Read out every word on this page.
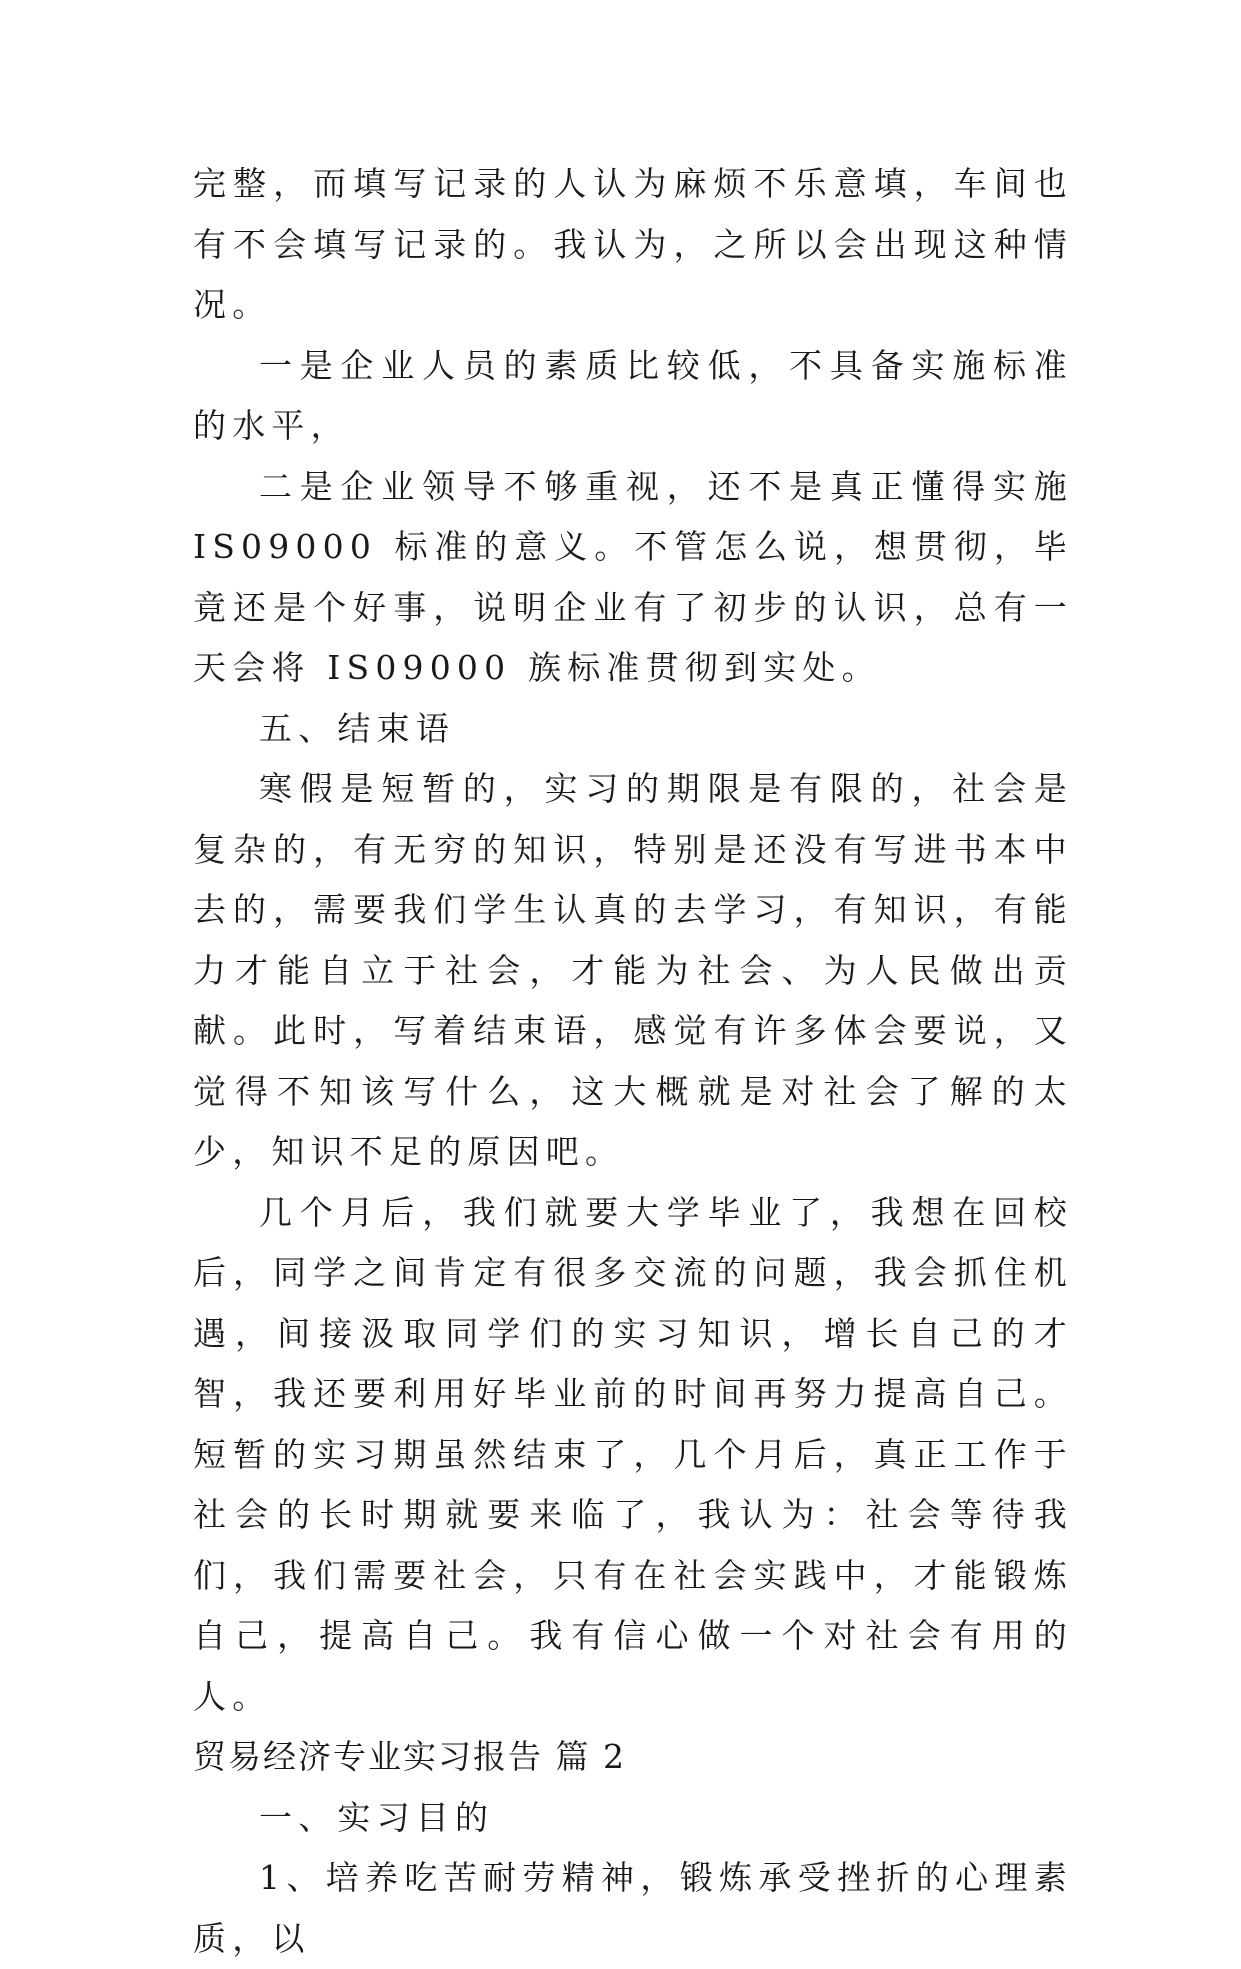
完整，而填写记录的人认为麻烦不乐意填，车间也有不会填写记录的。我认为，之所以会出现这种情况。

一是企业人员的素质比较低，不具备实施标准的水平，

二是企业领导不够重视，还不是真正懂得实施 IS09000 标准的意义。不管怎么说，想贯彻，毕竟还是个好事，说明企业有了初步的认识，总有一天会将 IS09000 族标准贯彻到实处。

五、结束语

寒假是短暂的，实习的期限是有限的，社会是复杂的，有无穷的知识，特别是还没有写进书本中去的，需要我们学生认真的去学习，有知识，有能力才能自立于社会，才能为社会、为人民做出贡献。此时，写着结束语，感觉有许多体会要说，又觉得不知该写什么，这大概就是对社会了解的太少，知识不足的原因吧。

几个月后，我们就要大学毕业了，我想在回校后，同学之间肯定有很多交流的问题，我会抓住机遇，间接汲取同学们的实习知识，增长自己的才智，我还要利用好毕业前的时间再努力提高自己。短暂的实习期虽然结束了，几个月后，真正工作于社会的长时期就要来临了，我认为：社会等待我们，我们需要社会，只有在社会实践中，才能锻炼自己，提高自己。我有信心做一个对社会有用的人。

贸易经济专业实习报告 篇 2

一、实习目的

1、培养吃苦耐劳精神，锻炼承受挫折的心理素质，以
